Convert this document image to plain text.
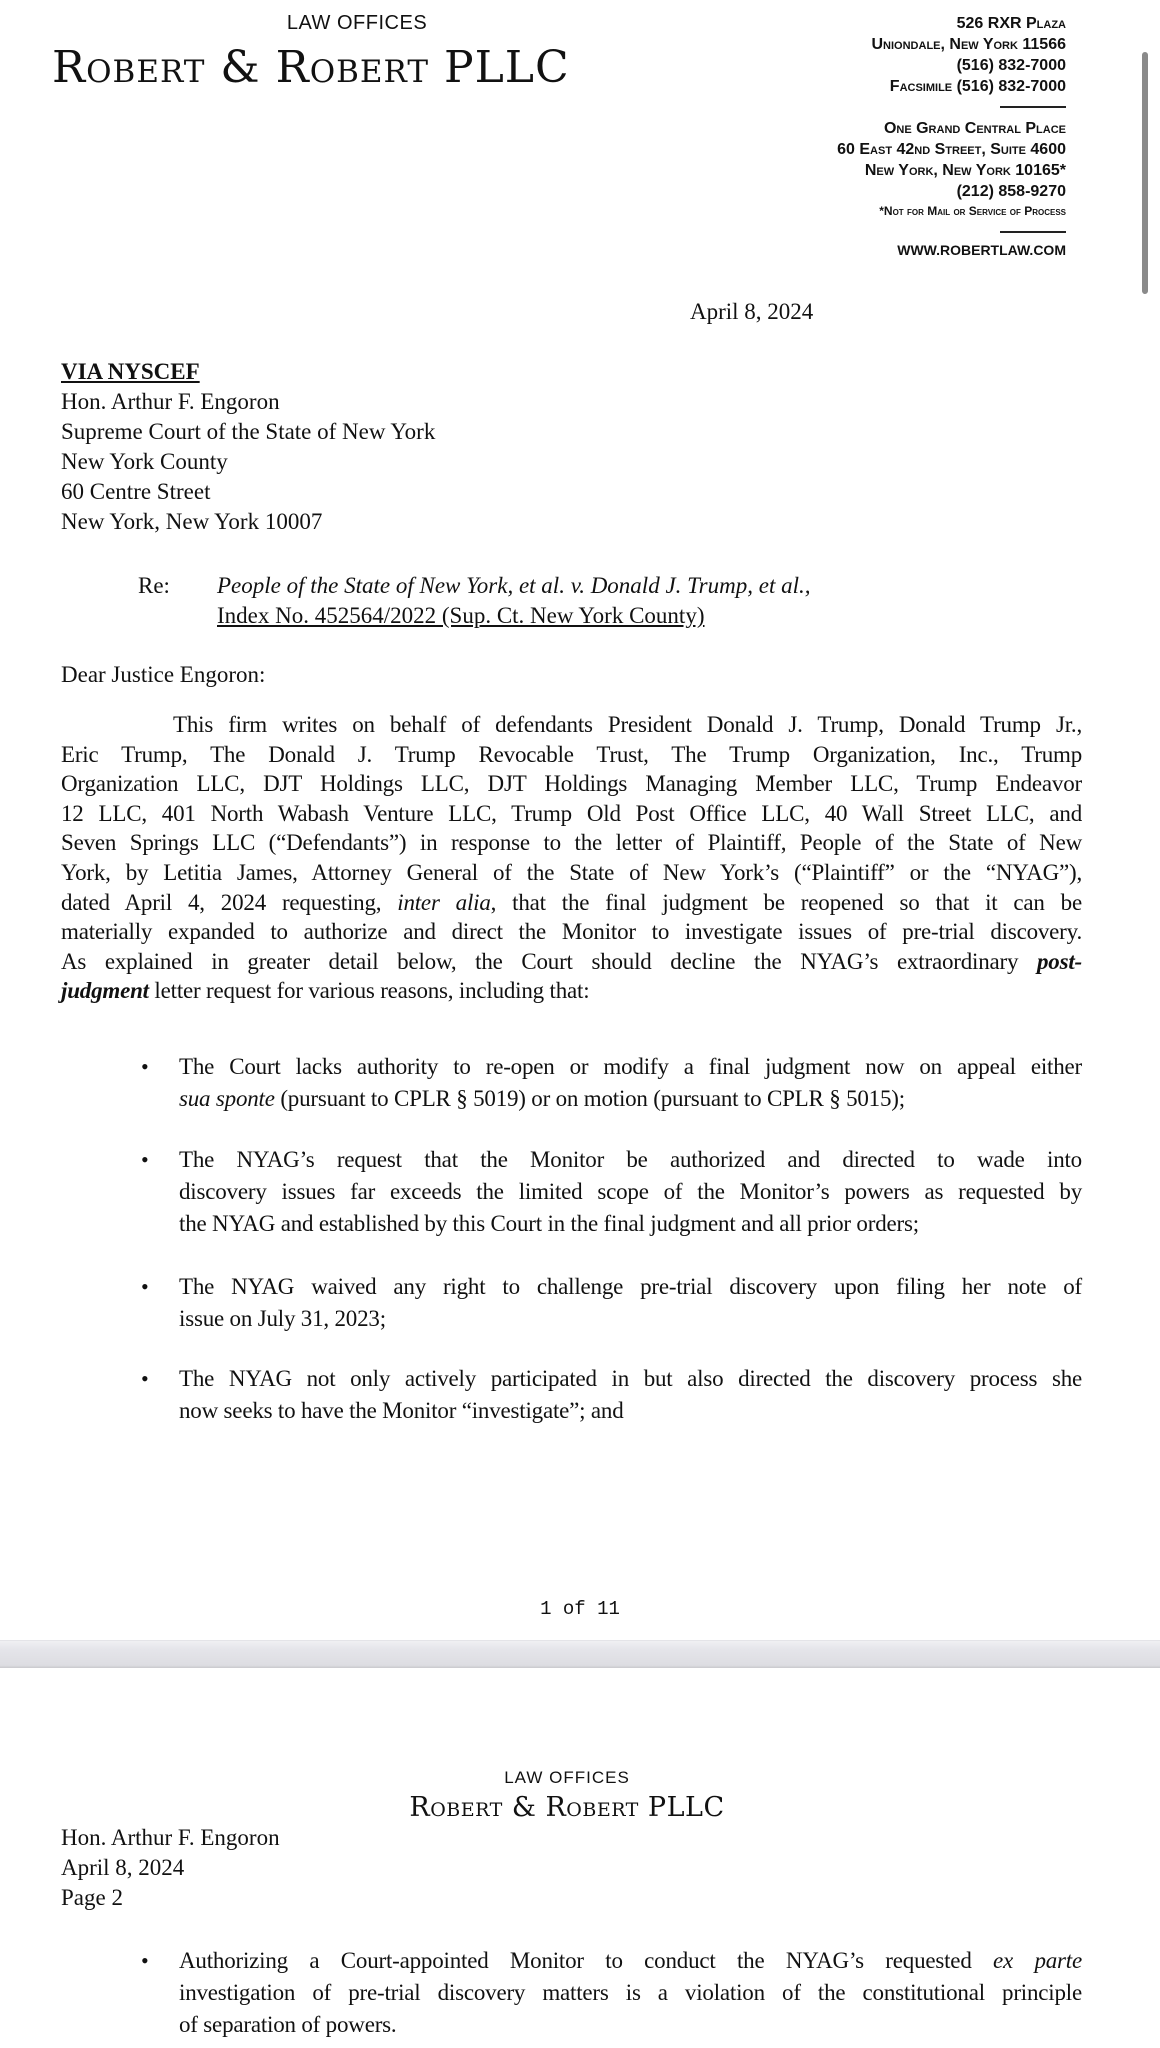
LAW OFFICES
Robert & Robert PLLC
526 RXR Plaza
Uniondale, New York 11566
(516) 832-7000
Facsimile (516) 832-7000
One Grand Central Place
60 East 42nd Street, Suite 4600
New York, New York 10165*
(212) 858-9270
*Not for Mail or Service of Process
WWW.ROBERTLAW.COM
April 8, 2024
VIA NYSCEF
Hon. Arthur F. Engoron
Supreme Court of the State of New York
New York County
60 Centre Street
New York, New York 10007
Re: People of the State of New York, et al. v. Donald J. Trump, et al.,
Index No. 452564/2022 (Sup. Ct. New York County)
Dear Justice Engoron:
This firm writes on behalf of defendants President Donald J. Trump, Donald Trump Jr.,
Eric Trump, The Donald J. Trump Revocable Trust, The Trump Organization, Inc., Trump
Organization LLC, DJT Holdings LLC, DJT Holdings Managing Member LLC, Trump Endeavor
12 LLC, 401 North Wabash Venture LLC, Trump Old Post Office LLC, 40 Wall Street LLC, and
Seven Springs LLC (“Defendants”) in response to the letter of Plaintiff, People of the State of New
York, by Letitia James, Attorney General of the State of New York’s (“Plaintiff” or the “NYAG”),
dated April 4, 2024 requesting, inter alia, that the final judgment be reopened so that it can be
materially expanded to authorize and direct the Monitor to investigate issues of pre-trial discovery.
As explained in greater detail below, the Court should decline the NYAG’s extraordinary post-
judgment letter request for various reasons, including that:
• The Court lacks authority to re-open or modify a final judgment now on appeal either
sua sponte (pursuant to CPLR § 5019) or on motion (pursuant to CPLR § 5015);
• The NYAG’s request that the Monitor be authorized and directed to wade into
discovery issues far exceeds the limited scope of the Monitor’s powers as requested by
the NYAG and established by this Court in the final judgment and all prior orders;
• The NYAG waived any right to challenge pre-trial discovery upon filing her note of
issue on July 31, 2023;
• The NYAG not only actively participated in but also directed the discovery process she
now seeks to have the Monitor “investigate”; and
• Authorizing a Court-appointed Monitor to conduct the NYAG’s requested ex parte
investigation of pre-trial discovery matters is a violation of the constitutional principle
of separation of powers.
1 of 11
LAW OFFICES
Robert & Robert PLLC
Hon. Arthur F. Engoron
April 8, 2024
Page 2
